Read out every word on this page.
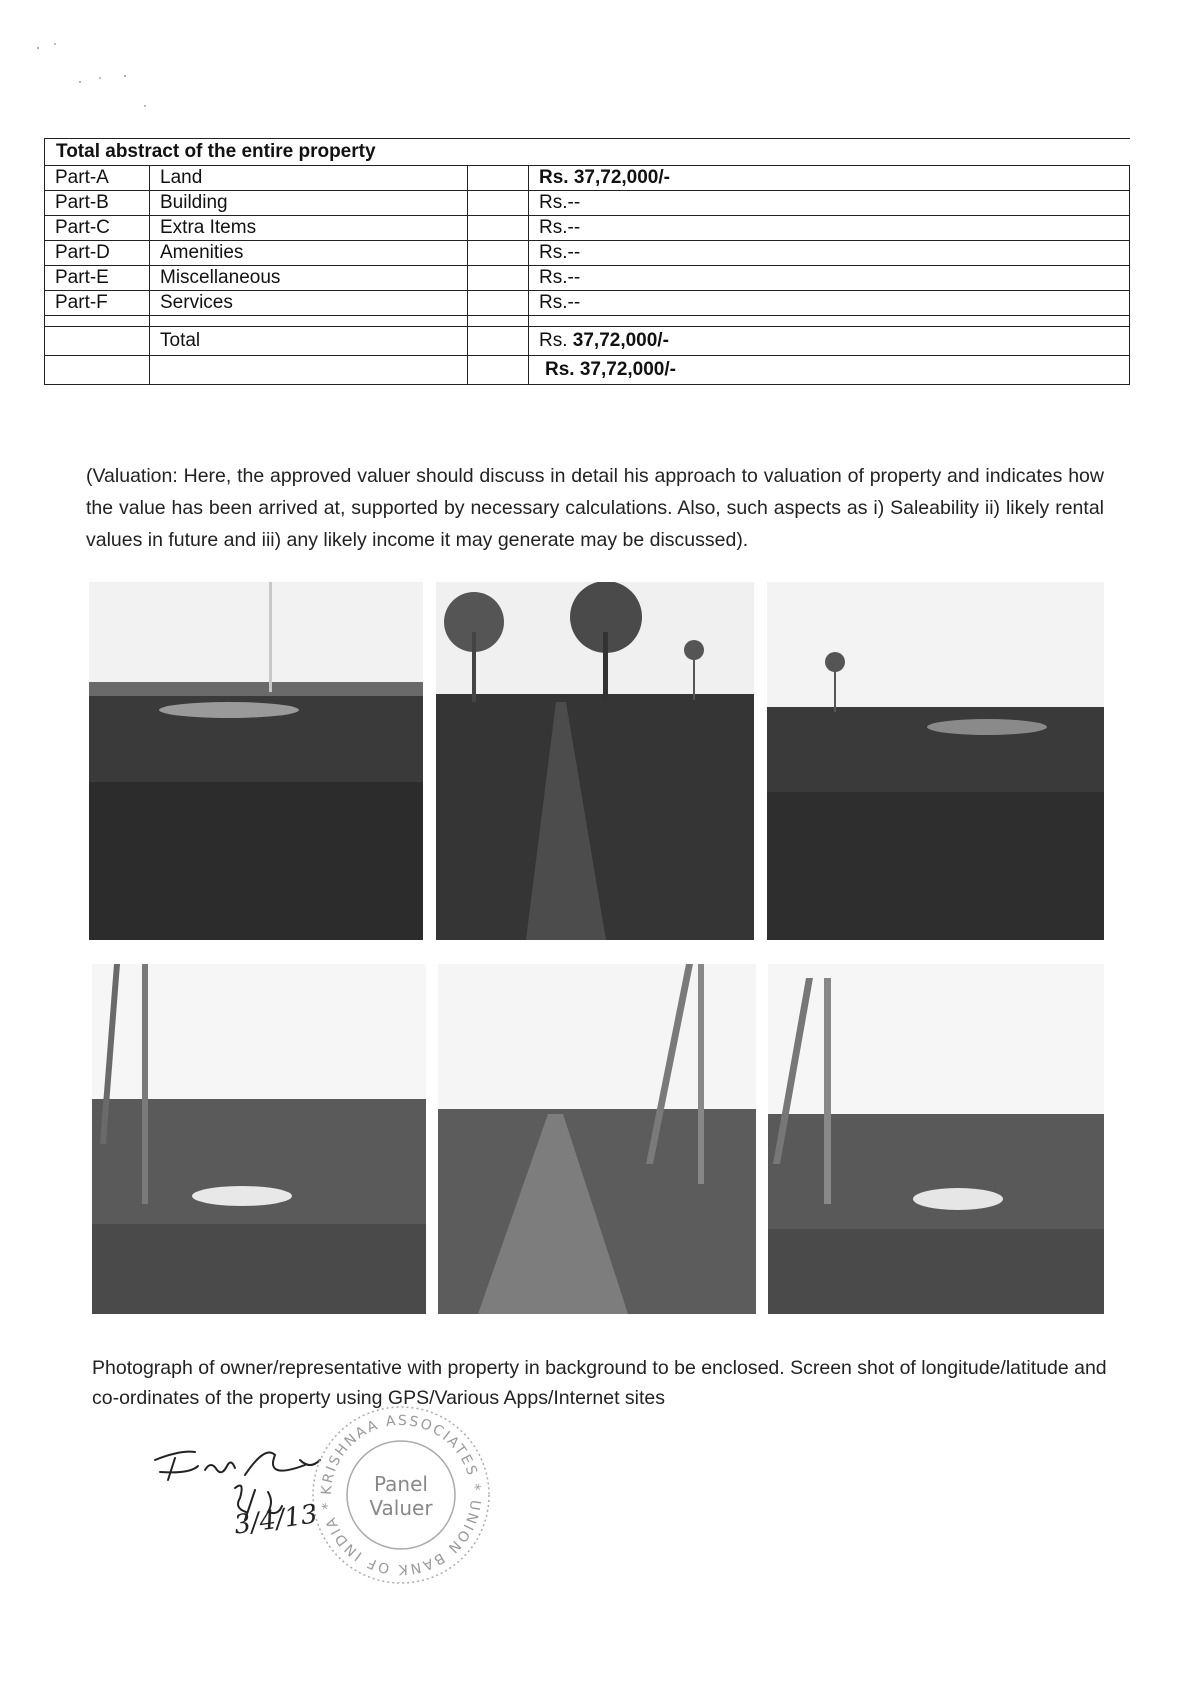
Total abstract of the entire property
Part-A	Land		Rs. 37,72,000/-
Part-B	Building		Rs.--
Part-C	Extra Items		Rs.--
Part-D	Amenities		Rs.--
Part-E	Miscellaneous		Rs.--
Part-F	Services		Rs.--

	Total		Rs. 37,72,000/-
			Rs. 37,72,000/-

(Valuation: Here, the approved valuer should discuss in detail his approach to valuation of property and indicates how the value has been arrived at, supported by necessary calculations. Also, such aspects as i) Saleability ii) likely rental values in future and iii) any likely income it may generate may be discussed).

Photograph of owner/representative with property in background to be enclosed. Screen shot of longitude/latitude and co-ordinates of the property using GPS/Various Apps/Internet sites

KRISHNAA ASSOCIATES * UNION BANK OF INDIA *
Panel
Valuer
3/4/13
